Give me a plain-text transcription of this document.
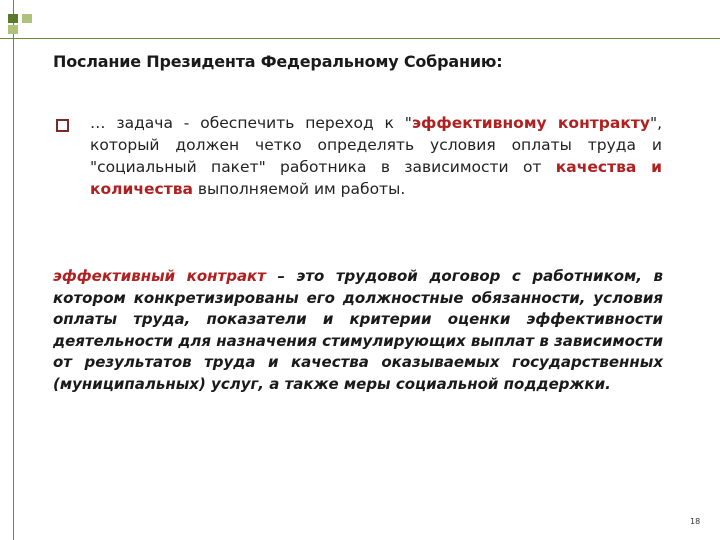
Послание Президента Федеральному Собранию:
… задача - обеспечить переход к "эффективному контракту", который должен четко определять условия оплаты труда и "социальный пакет" работника в зависимости от качества и количества выполняемой им работы.
эффективный контракт – это трудовой договор с работником, в котором конкретизированы его должностные обязанности, условия оплаты труда, показатели и критерии оценки эффективности деятельности для назначения стимулирующих выплат в зависимости от результатов труда и качества оказываемых государственных (муниципальных) услуг, а также меры социальной поддержки.
18
